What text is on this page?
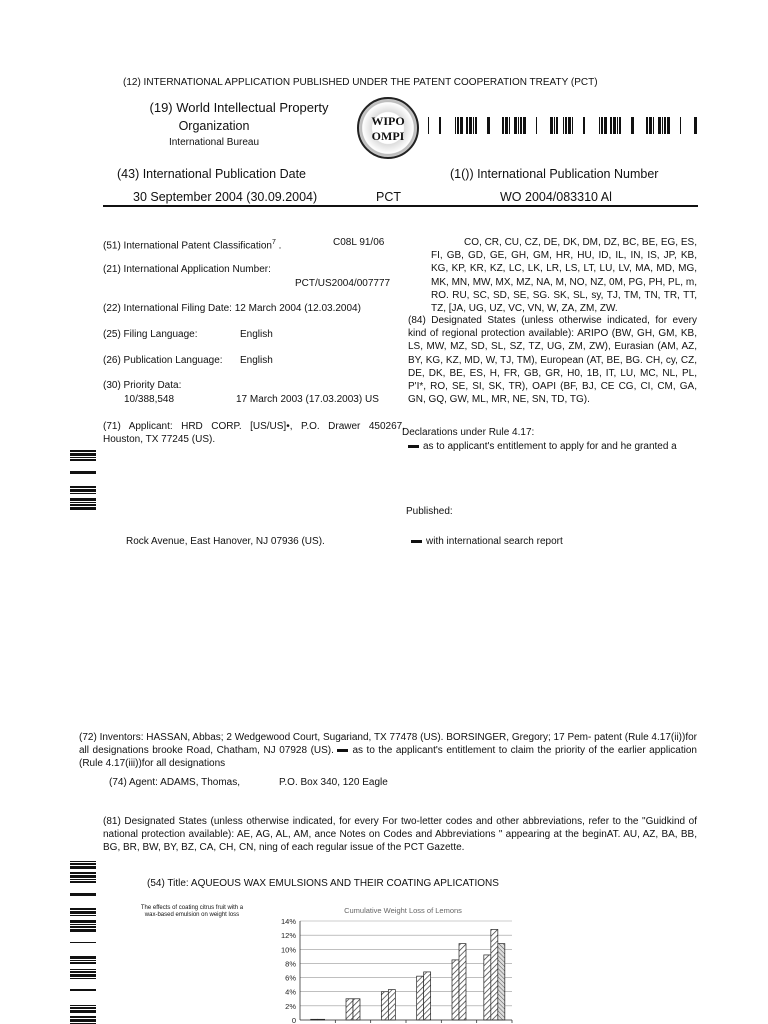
(12) INTERNATIONAL APPLICATION PUBLISHED UNDER THE PATENT COOPERATION TREATY (PCT)
(19) World Intellectual Property
Organization
International Bureau
WIPO
OMPI
(43) International Publication Date
30 September 2004 (30.09.2004)	PCT
(1()) International Publication Number
WO 2004/083310 Al
(51) International Patent Classification$^7$ .	C08L 91/06
(21) International Application Number:
PCT/US2004/007777
(22) International Filing Date: 12 March 2004 (12.03.2004)
(25) Filing Language:	English
(26) Publication Language: English
(30) Priority Data:
10/388,548	17 March 2003 (17.03.2003) US
(71) Applicant: HRD CORP. [US/US]•, P.O. Drawer 450267, Houston, TX 77245 (US).
Rock Avenue, East Hanover, NJ 07936 (US).
CO, CR, CU, CZ, DE, DK, DM, DZ, BC, BE, EG, ES, FI, GB, GD, GE, GH, GM, HR, HU, ID, IL, IN, IS, JP, KB, KG, KP, KR, KZ, LC, LK, LR, LS, LT, LU, LV, MA, MD, MG, MK, MN, MW, MX, MZ, NA, M, NO, NZ, 0M, PG, PH, PL, m, RO. RU, SC, SD, SE, SG. SK, SL, sy, TJ, TM, TN, TR, TT, TZ, [JA, UG, UZ, VC, VN, W, ZA, ZM, ZW.
(84) Designated States (unless otherwise indicated, for every kind of regional protection available): ARIPO (BW, GH, GM, KB, LS, MW, MZ, SD, SL, SZ, TZ, UG, ZM, ZW), Eurasian (AM, AZ, BY, KG, KZ, MD, W, TJ, TM), European (AT, BE, BG. CH, cy, CZ, DE, DK, BE, ES, H, FR, GB, GR, H0, 1B, IT, LU, MC, NL, PL, P'I*, RO, SE, SI, SK, TR), OAPI (BF, BJ, CE CG, CI, CM, GA, GN, GQ, GW, ML, MR, NE, SN, TD, TG).
Declarations under Rule 4.17:
as to applicant's entitlement to apply for and he granted a
Published:
with international search report
(72) Inventors: HASSAN, Abbas; 2 Wedgewood Court, Sugariand, TX 77478 (US). BORSINGER, Gregory; 17 Pem- patent (Rule 4.17(ii))for all designations brooke Road, Chatham, NJ 07928 (US). as to the applicant's entitlement to claim the priority of the earlier application (Rule 4.17(iii))for all designations
(74) Agent: ADAMS, Thomas,	P.O. Box 340, 120 Eagle
(81) Designated States (unless otherwise indicated, for every For two-letter codes and other abbreviations, refer to the "Guidkind of national protection available): AE, AG, AL, AM, ance Notes on Codes and Abbreviations " appearing at the beginAT. AU, AZ, BA, BB, BG, BR, BW, BY, BZ, CA, CH, CN, ning of each regular issue of the PCT Gazette.
(54) Title: AQUEOUS WAX EMULSIONS AND THEIR COATING APLICATIONS
The effects of coating citrus fruit with a
wax-based emulsion on weight loss	Cumulative Weight Loss of Lemons
0
2%
4%
6%
8%
10%
12%
14%
